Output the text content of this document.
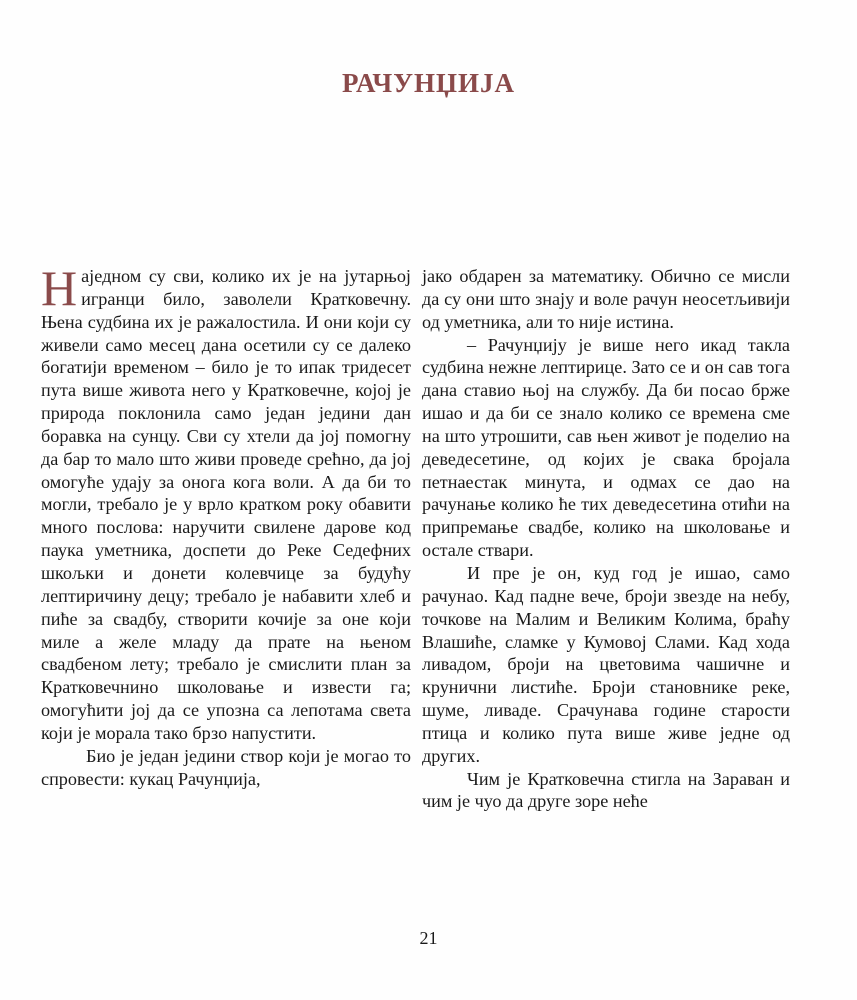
РАЧУНЏИЈА

Наједном су сви, колико их је на јутарњој игранци било, заволели Кратковечну. Њена судбина их је ражалостила. И они који су живели само месец дана осетили су се далеко богатији временом – било је то ипак тридесет пута више живота него у Кратковечне, којој је природа поклонила само један једини дан боравка на сунцу. Сви су хтели да јој помогну да бар то мало што живи проведе срећно, да јој омогуће удају за онога кога воли. А да би то могли, требало је у врло кратком року обавити много послова: наручити свилене дарове код паука уметника, доспети до Реке Седефних шкољки и донети колевчице за будућу лептиричину децу; требало је набавити хлеб и пиће за свадбу, створити кочије за оне који миле а желе младу да прате на њеном свадбеном лету; требало је смислити план за Кратковечнино школовање и извести га; омогућити јој да се упозна са лепотама света који је морала тако брзо напустити.

Био је један једини створ који је могао то спровести: кукац Рачунџија,

јако обдарен за математику. Обично се мисли да су они што знају и воле рачун неосетљивији од уметника, али то није истина.

– Рачунџију је више него икад такла судбина нежне лептирице. Зато се и он сав тога дана ставио њој на службу. Да би посао брже ишао и да би се знало колико се времена сме на што утрошити, сав њен живот је поделио на деведесетине, од којих је свака бројала петнаестак минута, и одмах се дао на рачунање колико ће тих деведесетина отићи на припремање свадбе, колико на школовање и остале ствари.

И пре је он, куд год је ишао, само рачунао. Кад падне вече, броји звезде на небу, точкове на Малим и Великим Колима, браћу Влашиће, сламке у Кумовој Слами. Кад хода ливадом, броји на цветовима чашичне и крунични листиће. Броји становнике реке, шуме, ливаде. Срачунава године старости птица и колико пута више живе једне од других.

Чим је Кратковечна стигла на Зараван и чим је чуо да друге зоре неће

21
